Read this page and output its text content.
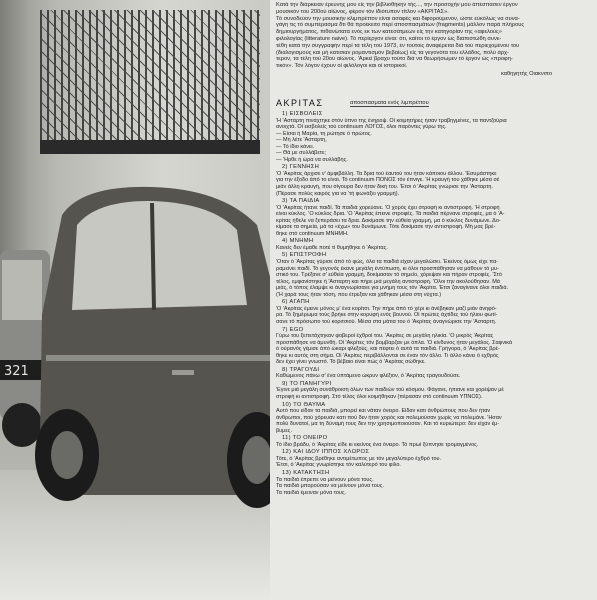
321
Κατά την διάρκειαν έρευνης μου είς την βιβλιοθήκην τής..., την προσοχήν μου άπέσπασεν έργον
μουσικόν τού 200ού αίώνος, φέρον τόν ίδιότυπον τίτλον «ΑΚΡΙΤΑΣ».
Τό συνοδεύον την μουσικήν κλιμπρέττον είναι ασαφές και διφορούμενον, ώστε εύκόλως να συνα-
γάγη τις τό συμπέρασμα δτι θά προέκειτο περί αποσπασμάτων (fragments) μάλλον παρά πλήρους
δημιουργήματος, πιθανώτατα ενός εκ των κατεσάτμεων είς την κατηγορίαν της «αφελούς»
φιλολογίας (litterature naive). Τό περίεργον είναι: ότι, καίτοι τό έργον ώς διαπιστώθη συνε-
τέθη κατά την συγγραφήν περί τα τέλη τού 1973, έν τούτοις άναφέρεται διά τού περιεχομένου του
(διαλογισμούς και μή κατισιαν ρομαντισμόν βεβαίως) είς τα γεγονότα του ελλάδος, πολύ άρχ-
τερον, τα τέλη τού 20ού αίώνος. 'Αρκεί βραχυ τούτο διά να θεωρήσωμεν τό έργον ώς «προφη-
τικόν». Τόν λόγον έχουν οί φιλόλογοι και οί ιστορικοί.
καθηγητής Οιακνιπο
ΑΚΡΙΤΑΣ	αποσπασματα ενός λιμπρέττου
1) ΕΙΣΒΟΛΕΙΣ
'Η 'Ασταρτη πινάχτηκε στόν ύπνο της ένηροψ. Οί κοιμητήρες ήσαν τραβηγμένες, τα παντζούρια
ανοιχτά. Οί εισβολείς τού continuum ΛΟΓΟΣ, όλοι παρόντες γύρω της.
— Είσαι ή Μαρία, τη ρώτησε ό πρώτος.
— Μη λέτε 'Ασταρτη,
— Τό ίδιο κάνει.
— Θά με συλλάβετε;
— 'Ηρθε ή ώρα να συλλάβης.
2) ΓΕΝΝΗΣΗ
'Ο 'Ακρίτας άρχισε ν' άμφιβάλλη. Τα δρια τού έαυτού του ήταν κάποιου άλλου. 'Εσυμάστηκε
για την έξοδο άπό το είναι. Τό continuum ΠΟΝΟΣ τόν έπνιγε. 'Η κραυγή του χάθηκε μέσα σέ
μιάν άλλη κραυγή, που σίγουρα δεν ήταν δική του. 'Ετσι ό 'Ακρίτας γνώρισε την 'Ασταρτη.
(Πέρασε πολύς καιρός για να 'τή φωνάξει γραμμή).
3) ΤΑ ΠΑΙΔΙΑ
'Ο 'Ακρίτας ήτανε παιδί. Τά παιδιά χορεύανε. 'Ο χορός έχει στροφή κι αντιστροφή. 'Η στροφή
είναι κύκλος. 'Ο κύκλος δρια. 'Ο 'Ακρίτας έπεινε στροφές. Τά παιδιά πέρνανε στροφές, μα ό 'Α-
κρίτας ήθελε να ξεπεράσει τα δρια. Δοκίμασε την εύθεία γραμμή, μα ό κύκλος δυνάμωνε. Δο-
κίμασε τα σημεία, μά τα «έχω» του δυνάμωνε. Τότε δοκίμασε την αντιστροφή. Μή μας βρέ-
θηκε στό continuum ΜΝΗΜΗ.
4) ΜΝΗΜΗ
Κανείς δεν έμαθε ποτέ τί θυμήθηκε ό 'Ακρίτας.
5) ΕΠΙΣΤΡΟΦΗ
'Οταν ό 'Ακρίτας γύρισε άπό τό φώς, όλα τα παιδιά είχαν μεγαλώσει. 'Εκείνος όμως είχε πα-
ραμείνει παιδί. Τό γεγονός έκανε μεγάλη έντύπωση, κι όλοι προσπάθησαν να μάθουν τό μυ-
στικό του. Τρέξανε σ' εύθεία γραμμή, δοκίμασαν τό σημείο, χόρεψαν και πήραν στροφές. 'Στό
τέλος, εμφανίστηκε ή 'Ασταρτη και πήρε μιά μεγάλη αντιστροφή. 'Ολοι την ακολούθησαν. Μά
μιάς, ό τόπος έλαμψε κι άναγνωρίσανε για μνήμη τους τόν 'Ακρίτα. 'Ετσι ζαναγίνανε όλοι παιδιά.
('Η χαρά τους ήταν τόση, που έτρεξαν και χάθηκαν μέσα στη νύχτα.)
6) ΑΓΑΠΗ
'Ο 'Ακρίτας έμεινε μόνος μ' ένα κορίτσι. Την πήρε άπό τό χέρι κι άνέβηκαν μαζί μιάν άνηφό-
ρα. Τό ξημέρωμα τούς βρήκε στην κορυφή ενός βουνού. Οί πρώτες άχτίδες τού ήλιου φωτί-
σανε τό πρόσωπο τού κοριτσιού. Μέσα στα μάτια του ό 'Ακρίτας άναγνώρισε την 'Ασταρτη.
7) EGO
Γύρω του ξεπετάχτηκαν φοβεροί έχθροί του. 'Ακρίτες σε μεγάλη ηλικία. 'Ο μικρός 'Ακρίτας
προσπάθησε να άμυνθή. Οί 'Ακρίτες τόν βομβαρζαν με όπλα. 'Ο κίνδυνος ήταν μεγάλος. Σαφνικά
ό ούρανός γέμισε άπό ώκαρι φλεξούς, και πέφτει ό αυτά τα παιδιά. Γρήγορα, ό 'Ακρίτας βρέ-
θηκε κι αυτός στη σήμα. Οί 'Ακρίτες περιβάλλονται σε έναν τόν άλλο. Τι άλλο κάνει ό εχθρός
δεν έχει γίνει γνωστό. Τό βέβαιο είναι πώς ό 'Ακρίτας σώθηκε.
8) ΤΡΑΓΟΥΔΙ
Καθώμενος πάνω σ' ένα ύπτάμενο ώκρυν φλέξιον, ό 'Ακρίτας τραγουδούσε.
9) ΤΟ ΠΑΝΗΓΥΡΙ
'Εγινε μιά μεγάλη συνάθροιση όλων των παιδιών τού κόσμου. Φάγανε, ήπιανε και χορέψαν μέ
στροφή κι αντιστροφή. Στό τέλος όλοι κοιμήθηκαν (πέρασαν στό continuum ΥΠΝΟΣ).
10) ΤΟ ΘΑΥΜΑ
Αυτό που είδαν τα παιδιά, μπορεί και νάταν όνειρο. Είδαν κατι άνθρώπους που δεν ήταν
άνθρωποι, πού χόρευαν κατι πού δεν ήταν χορός και πολεμούσαν χωρίς να πολεμάνε. 'Ησαν
πολύ δυνατοί, μα τη δύναμή τους δεν την χρησιμοποιούσαν. Και τό κυριώτερο: δεν είχαν έμ-
βυμες.
11) ΤΟ ΟΝΕΙΡΟ
Τό ίδιο βράδυ, ό 'Ακρίτας είδε κι εκείνος ένα όνειρο. Τό πρωί ξύπνησε τρομαγμένος.
12) ΚΑΙ ΙΔΟΥ ΙΠΠΟΣ ΧΛΩΡΟΣ
Τότε, ό 'Ακρίτας βρέθηκε αντιμέτωπος με τόν μεγαλύτερο έχθρό του.
'Ετσι, ό 'Ακρίτας γνωρίστηκε τόν καλύτερό του φίλο.
13) ΚΑΤΑΚΤΗΣΗ
Τα παιδιά έπρεπε να μείνουν μόνα τους.
Τα παιδιά μπορούσαν να μείνουν μόνα τους.
Τα παιδιά έμειναν μόνα τους.
